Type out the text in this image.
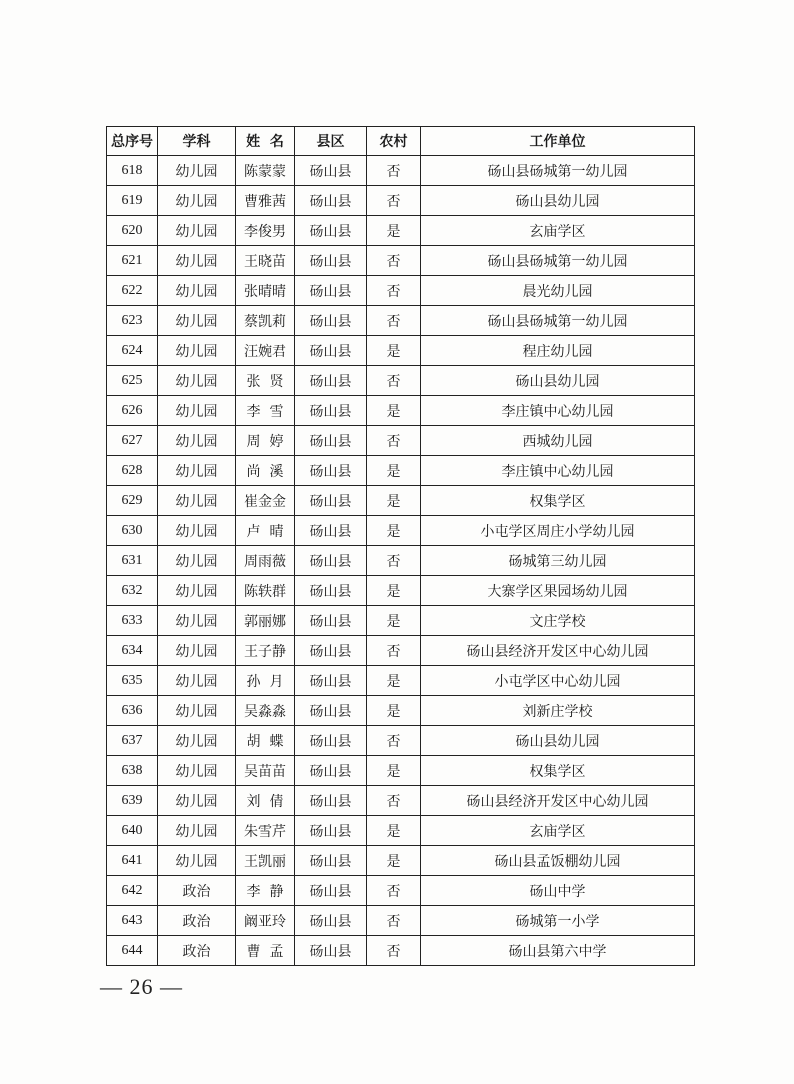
总序号	学科	姓  名	县区	农村	工作单位
618	幼儿园	陈蒙蒙	砀山县	否	砀山县砀城第一幼儿园
619	幼儿园	曹雅茜	砀山县	否	砀山县幼儿园
620	幼儿园	李俊男	砀山县	是	玄庙学区
621	幼儿园	王晓苗	砀山县	否	砀山县砀城第一幼儿园
622	幼儿园	张晴晴	砀山县	否	晨光幼儿园
623	幼儿园	蔡凯莉	砀山县	否	砀山县砀城第一幼儿园
624	幼儿园	汪婉君	砀山县	是	程庄幼儿园
625	幼儿园	张  贤	砀山县	否	砀山县幼儿园
626	幼儿园	李  雪	砀山县	是	李庄镇中心幼儿园
627	幼儿园	周  婷	砀山县	否	西城幼儿园
628	幼儿园	尚  溪	砀山县	是	李庄镇中心幼儿园
629	幼儿园	崔金金	砀山县	是	权集学区
630	幼儿园	卢  晴	砀山县	是	小屯学区周庄小学幼儿园
631	幼儿园	周雨薇	砀山县	否	砀城第三幼儿园
632	幼儿园	陈轶群	砀山县	是	大寨学区果园场幼儿园
633	幼儿园	郭丽娜	砀山县	是	文庄学校
634	幼儿园	王子静	砀山县	否	砀山县经济开发区中心幼儿园
635	幼儿园	孙  月	砀山县	是	小屯学区中心幼儿园
636	幼儿园	吴淼淼	砀山县	是	刘新庄学校
637	幼儿园	胡  蝶	砀山县	否	砀山县幼儿园
638	幼儿园	吴苗苗	砀山县	是	权集学区
639	幼儿园	刘  倩	砀山县	否	砀山县经济开发区中心幼儿园
640	幼儿园	朱雪芹	砀山县	是	玄庙学区
641	幼儿园	王凯丽	砀山县	是	砀山县孟饭棚幼儿园
642	政治	李  静	砀山县	否	砀山中学
643	政治	阚亚玲	砀山县	否	砀城第一小学
644	政治	曹  孟	砀山县	否	砀山县第六中学
— 26 —
